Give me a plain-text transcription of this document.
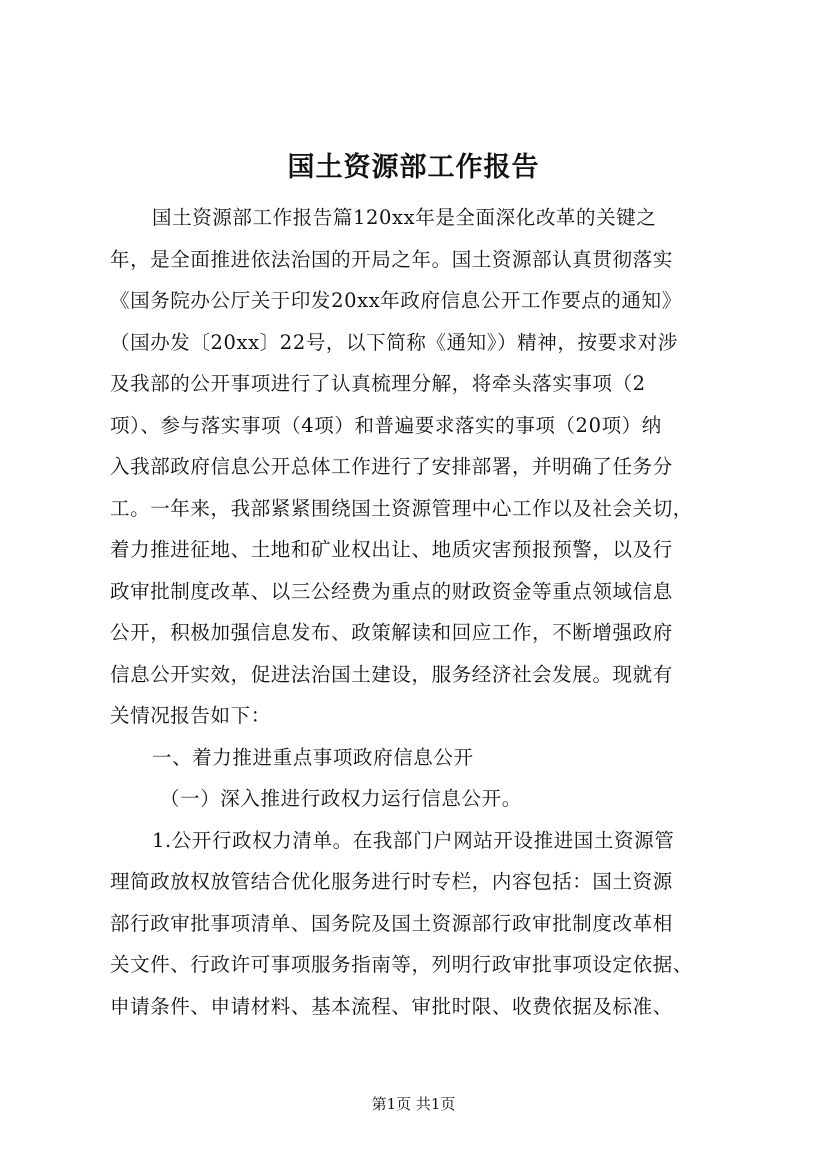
国土资源部工作报告
国土资源部工作报告篇120xx年是全面深化改革的关键之
年，是全面推进依法治国的开局之年。国土资源部认真贯彻落实
《国务院办公厅关于印发20xx年政府信息公开工作要点的通知》
（国办发〔20xx〕22号，以下简称《通知》）精神，按要求对涉
及我部的公开事项进行了认真梳理分解，将牵头落实事项（2
项）、参与落实事项（4项）和普遍要求落实的事项（20项）纳
入我部政府信息公开总体工作进行了安排部署，并明确了任务分
工。一年来，我部紧紧围绕国土资源管理中心工作以及社会关切，
着力推进征地、土地和矿业权出让、地质灾害预报预警，以及行
政审批制度改革、以三公经费为重点的财政资金等重点领域信息
公开，积极加强信息发布、政策解读和回应工作，不断增强政府
信息公开实效，促进法治国土建设，服务经济社会发展。现就有
关情况报告如下：
一、着力推进重点事项政府信息公开
（一）深入推进行政权力运行信息公开。
1.公开行政权力清单。在我部门户网站开设推进国土资源管
理简政放权放管结合优化服务进行时专栏，内容包括：国土资源
部行政审批事项清单、国务院及国土资源部行政审批制度改革相
关文件、行政许可事项服务指南等，列明行政审批事项设定依据、
申请条件、申请材料、基本流程、审批时限、收费依据及标准、
第1页 共1页
